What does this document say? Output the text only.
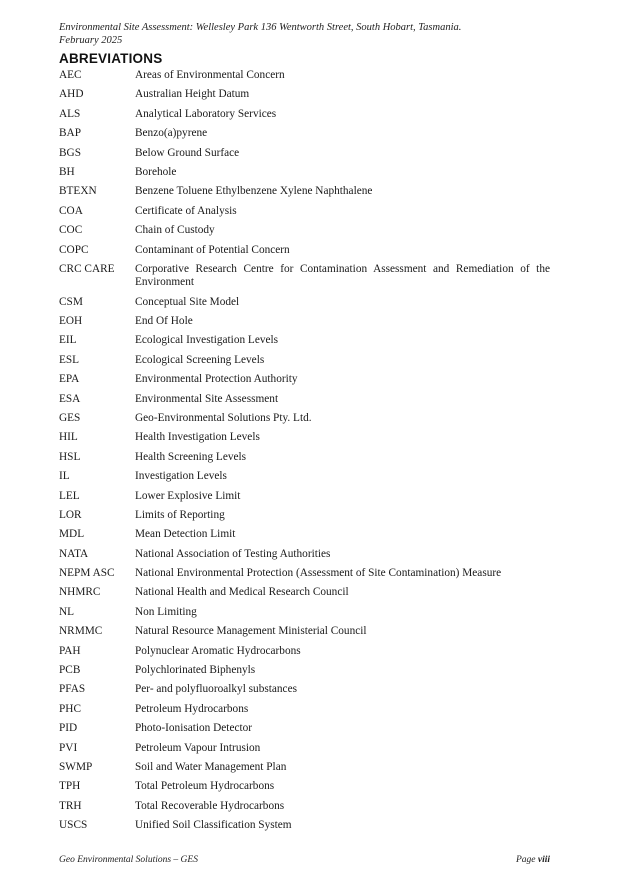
Environmental Site Assessment: Wellesley Park 136 Wentworth Street, South Hobart, Tasmania.
February 2025
ABREVIATIONS
AEC	Areas of Environmental Concern
AHD	Australian Height Datum
ALS	Analytical Laboratory Services
BAP	Benzo(a)pyrene
BGS	Below Ground Surface
BH	Borehole
BTEXN	Benzene Toluene Ethylbenzene Xylene Naphthalene
COA	Certificate of Analysis
COC	Chain of Custody
COPC	Contaminant of Potential Concern
CRC CARE	Corporative Research Centre for Contamination Assessment and Remediation of the Environment
CSM	Conceptual Site Model
EOH	End Of Hole
EIL	Ecological Investigation Levels
ESL	Ecological Screening Levels
EPA	Environmental Protection Authority
ESA	Environmental Site Assessment
GES	Geo-Environmental Solutions Pty. Ltd.
HIL	Health Investigation Levels
HSL	Health Screening Levels
IL	Investigation Levels
LEL	Lower Explosive Limit
LOR	Limits of Reporting
MDL	Mean Detection Limit
NATA	National Association of Testing Authorities
NEPM ASC	National Environmental Protection (Assessment of Site Contamination) Measure
NHMRC	National Health and Medical Research Council
NL	Non Limiting
NRMMC	Natural Resource Management Ministerial Council
PAH	Polynuclear Aromatic Hydrocarbons
PCB	Polychlorinated Biphenyls
PFAS	Per- and polyfluoroalkyl substances
PHC	Petroleum Hydrocarbons
PID	Photo-Ionisation Detector
PVI	Petroleum Vapour Intrusion
SWMP	Soil and Water Management Plan
TPH	Total Petroleum Hydrocarbons
TRH	Total Recoverable Hydrocarbons
USCS	Unified Soil Classification System
Geo Environmental Solutions – GES	Page viii
